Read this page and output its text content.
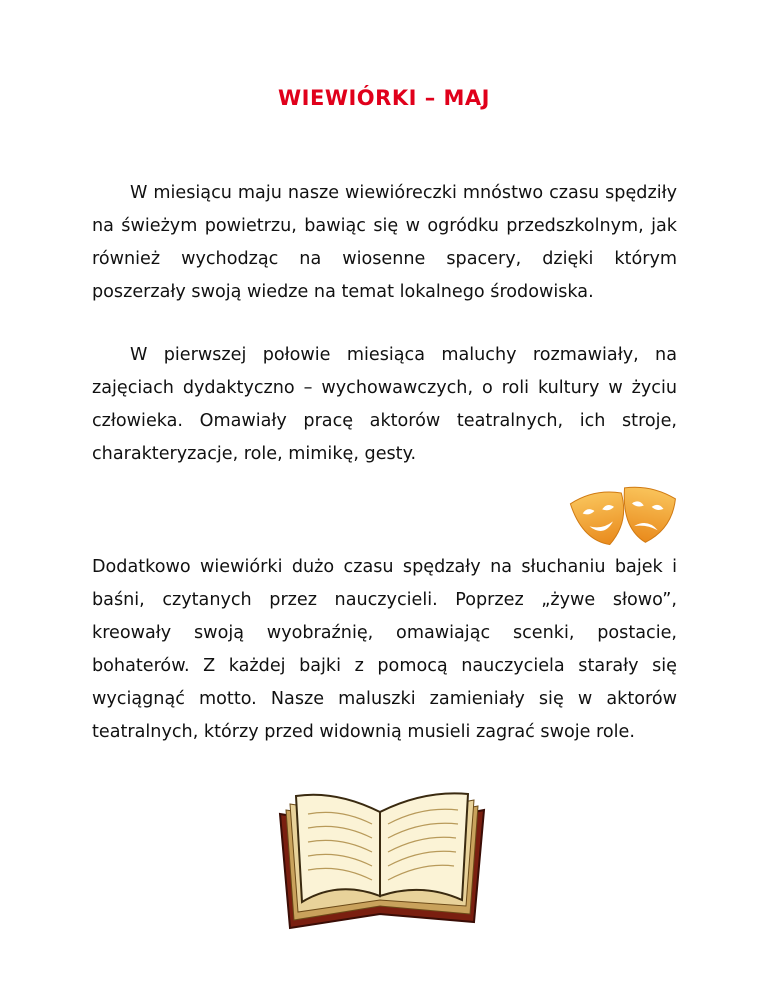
WIEWIÓRKI – MAJ

W miesiącu maju nasze wiewióreczki mnóstwo czasu spędziły na świeżym powietrzu, bawiąc się w ogródku przedszkolnym, jak również wychodząc na wiosenne spacery, dzięki którym poszerzały swoją wiedze na temat lokalnego środowiska.

W pierwszej połowie miesiąca maluchy rozmawiały, na zajęciach dydaktyczno – wychowawczych, o roli kultury w życiu człowieka. Omawiały pracę aktorów teatralnych, ich stroje, charakteryzacje, role, mimikę, gesty.

Dodatkowo wiewiórki dużo czasu spędzały na słuchaniu bajek i baśni, czytanych przez nauczycieli. Poprzez „żywe słowo”, kreowały swoją wyobraźnię, omawiając scenki, postacie, bohaterów. Z każdej bajki z pomocą nauczyciela starały się wyciągnąć motto. Nasze maluszki zamieniały się w aktorów teatralnych, którzy przed widownią musieli zagrać swoje role.
